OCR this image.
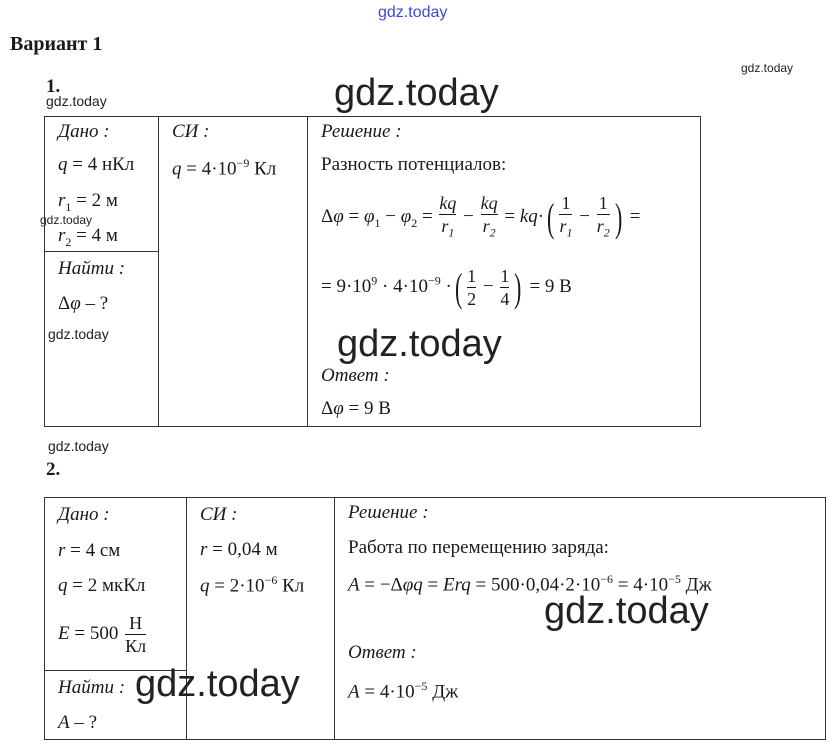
gdz.today
gdz.today
gdz.today	gdz.today
gdz.today
gdz.today	gdz.today
gdz.today
Вариант 1
1.
Дано :
q = 4 нКл
$r_1 = 2$ м
$r_2 = 4$ м
Найти :
Δφ – ?
СИ :
$q = 4\cdot 10^{-9}$ Кл
Решение :
Разность потенциалов:
$\Delta\varphi = \varphi_1 - \varphi_2 = \frac{kq}{r_1} - \frac{kq}{r_2} = kq\cdot( \frac{1}{r_1} - \frac{1}{r_2}$ ) =
= $9\cdot 10^9 \cdot 4\cdot 10^{-9}$ ·( $\frac{1}{2} - \frac{1}{4}$ ) = 9 В
Ответ :
Δφ = 9 В
2.
Дано :
r = 4 см
q = 2 мкКл
$E = 500 \frac{Н}{Кл}$
Найти :
A – ?
СИ :
r = 0,04 м
$q = 2\cdot 10^{-6}$ Кл
Решение :
Работа по перемещению заряда:
A = −Δφq = Erq = $500\cdot 0,04\cdot 2\cdot 10^{-6} = 4\cdot 10^{-5}$ Дж
Ответ :
$A = 4\cdot 10^{-5}$ Дж
gdz.today
gdz.today
